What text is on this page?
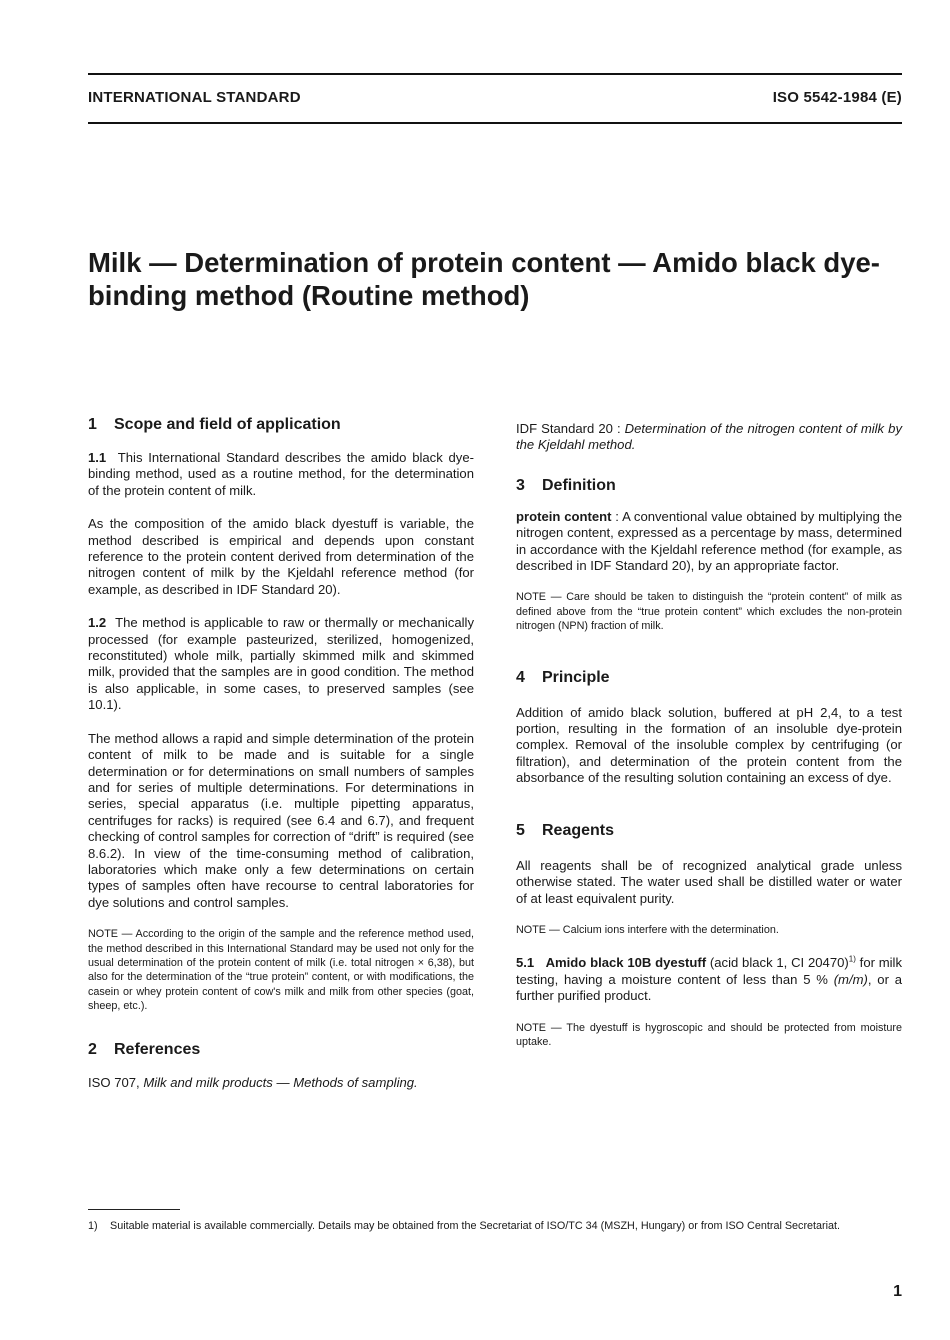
INTERNATIONAL STANDARD	ISO 5542-1984 (E)
Milk — Determination of protein content — Amido black dye-binding method (Routine method)
1 Scope and field of application

1.1 This International Standard describes the amido black dye-binding method, used as a routine method, for the determination of the protein content of milk.

As the composition of the amido black dyestuff is variable, the method described is empirical and depends upon constant reference to the protein content derived from determination of the nitrogen content of milk by the Kjeldahl reference method (for example, as described in IDF Standard 20).

1.2 The method is applicable to raw or thermally or mechanically processed (for example pasteurized, sterilized, homogenized, reconstituted) whole milk, partially skimmed milk and skimmed milk, provided that the samples are in good condition. The method is also applicable, in some cases, to preserved samples (see 10.1).

The method allows a rapid and simple determination of the protein content of milk to be made and is suitable for a single determination or for determinations on small numbers of samples and for series of multiple determinations. For determinations in series, special apparatus (i.e. multiple pipetting apparatus, centrifuges for racks) is required (see 6.4 and 6.7), and frequent checking of control samples for correction of “drift” is required (see 8.6.2). In view of the time-consuming method of calibration, laboratories which make only a few determinations on certain types of samples often have recourse to central laboratories for dye solutions and control samples.

NOTE — According to the origin of the sample and the reference method used, the method described in this International Standard may be used not only for the usual determination of the protein content of milk (i.e. total nitrogen × 6,38), but also for the determination of the “true protein” content, or with modifications, the casein or whey protein content of cow's milk and milk from other species (goat, sheep, etc.).

2 References

ISO 707, Milk and milk products — Methods of sampling.

IDF Standard 20 : Determination of the nitrogen content of milk by the Kjeldahl method.

3 Definition

protein content : A conventional value obtained by multiplying the nitrogen content, expressed as a percentage by mass, determined in accordance with the Kjeldahl reference method (for example, as described in IDF Standard 20), by an appropriate factor.

NOTE — Care should be taken to distinguish the “protein content” of milk as defined above from the “true protein content” which excludes the non-protein nitrogen (NPN) fraction of milk.

4 Principle

Addition of amido black solution, buffered at pH 2,4, to a test portion, resulting in the formation of an insoluble dye-protein complex. Removal of the insoluble complex by centrifuging (or filtration), and determination of the protein content from the absorbance of the resulting solution containing an excess of dye.

5 Reagents

All reagents shall be of recognized analytical grade unless otherwise stated. The water used shall be distilled water or water of at least equivalent purity.

NOTE — Calcium ions interfere with the determination.

5.1 Amido black 10B dyestuff (acid black 1, CI 20470)$^{1)}$ for milk testing, having a moisture content of less than 5 % (m/m), or a further purified product.

NOTE — The dyestuff is hygroscopic and should be protected from moisture uptake.

1) Suitable material is available commercially. Details may be obtained from the Secretariat of ISO/TC 34 (MSZH, Hungary) or from ISO Central Secretariat.

1
